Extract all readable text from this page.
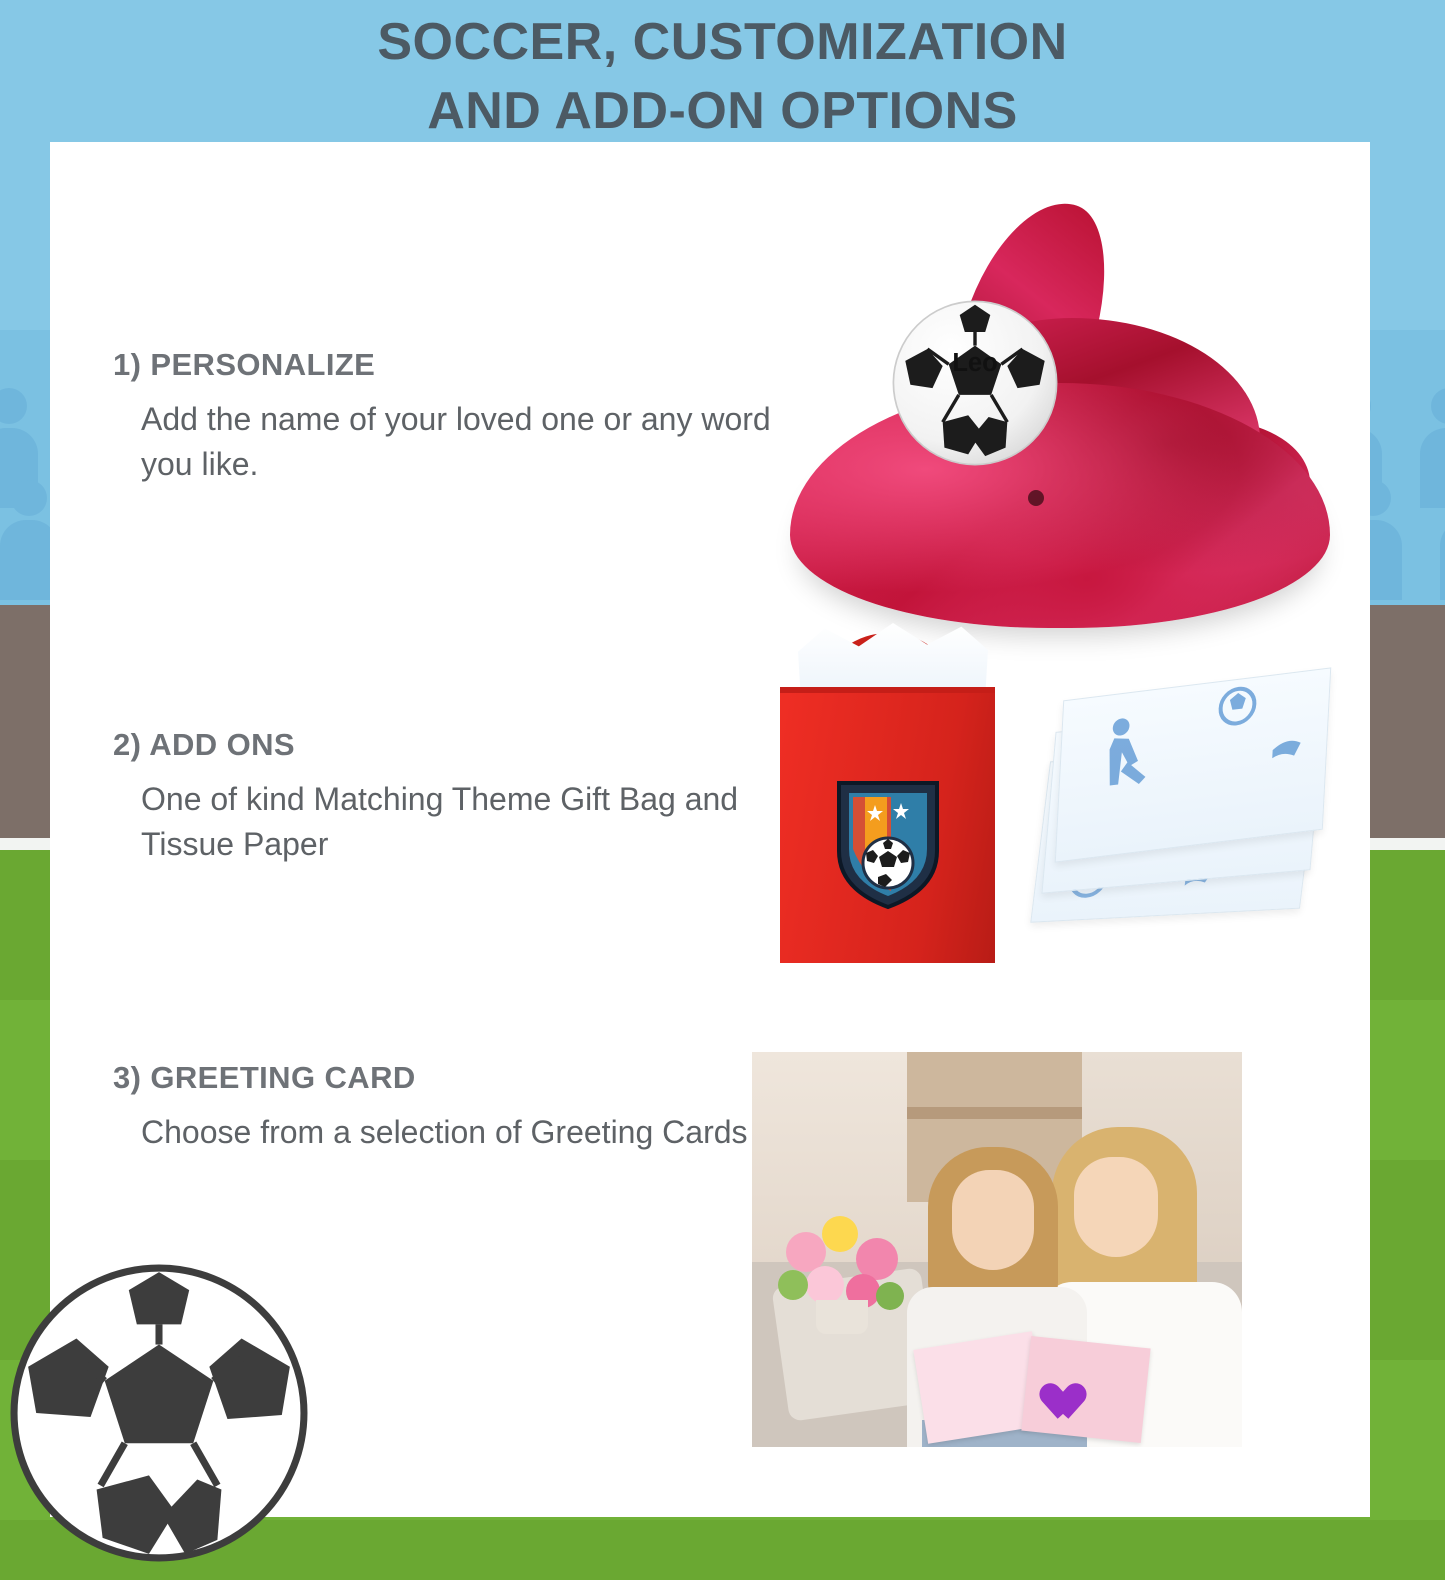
SOCCER, CUSTOMIZATION
AND ADD-ON OPTIONS
1) PERSONALIZE
Add the name of your loved one or any word you like.
Leo
2) ADD ONS
One of kind Matching Theme Gift Bag and Tissue Paper
3) GREETING CARD
Choose from a selection of Greeting Cards
